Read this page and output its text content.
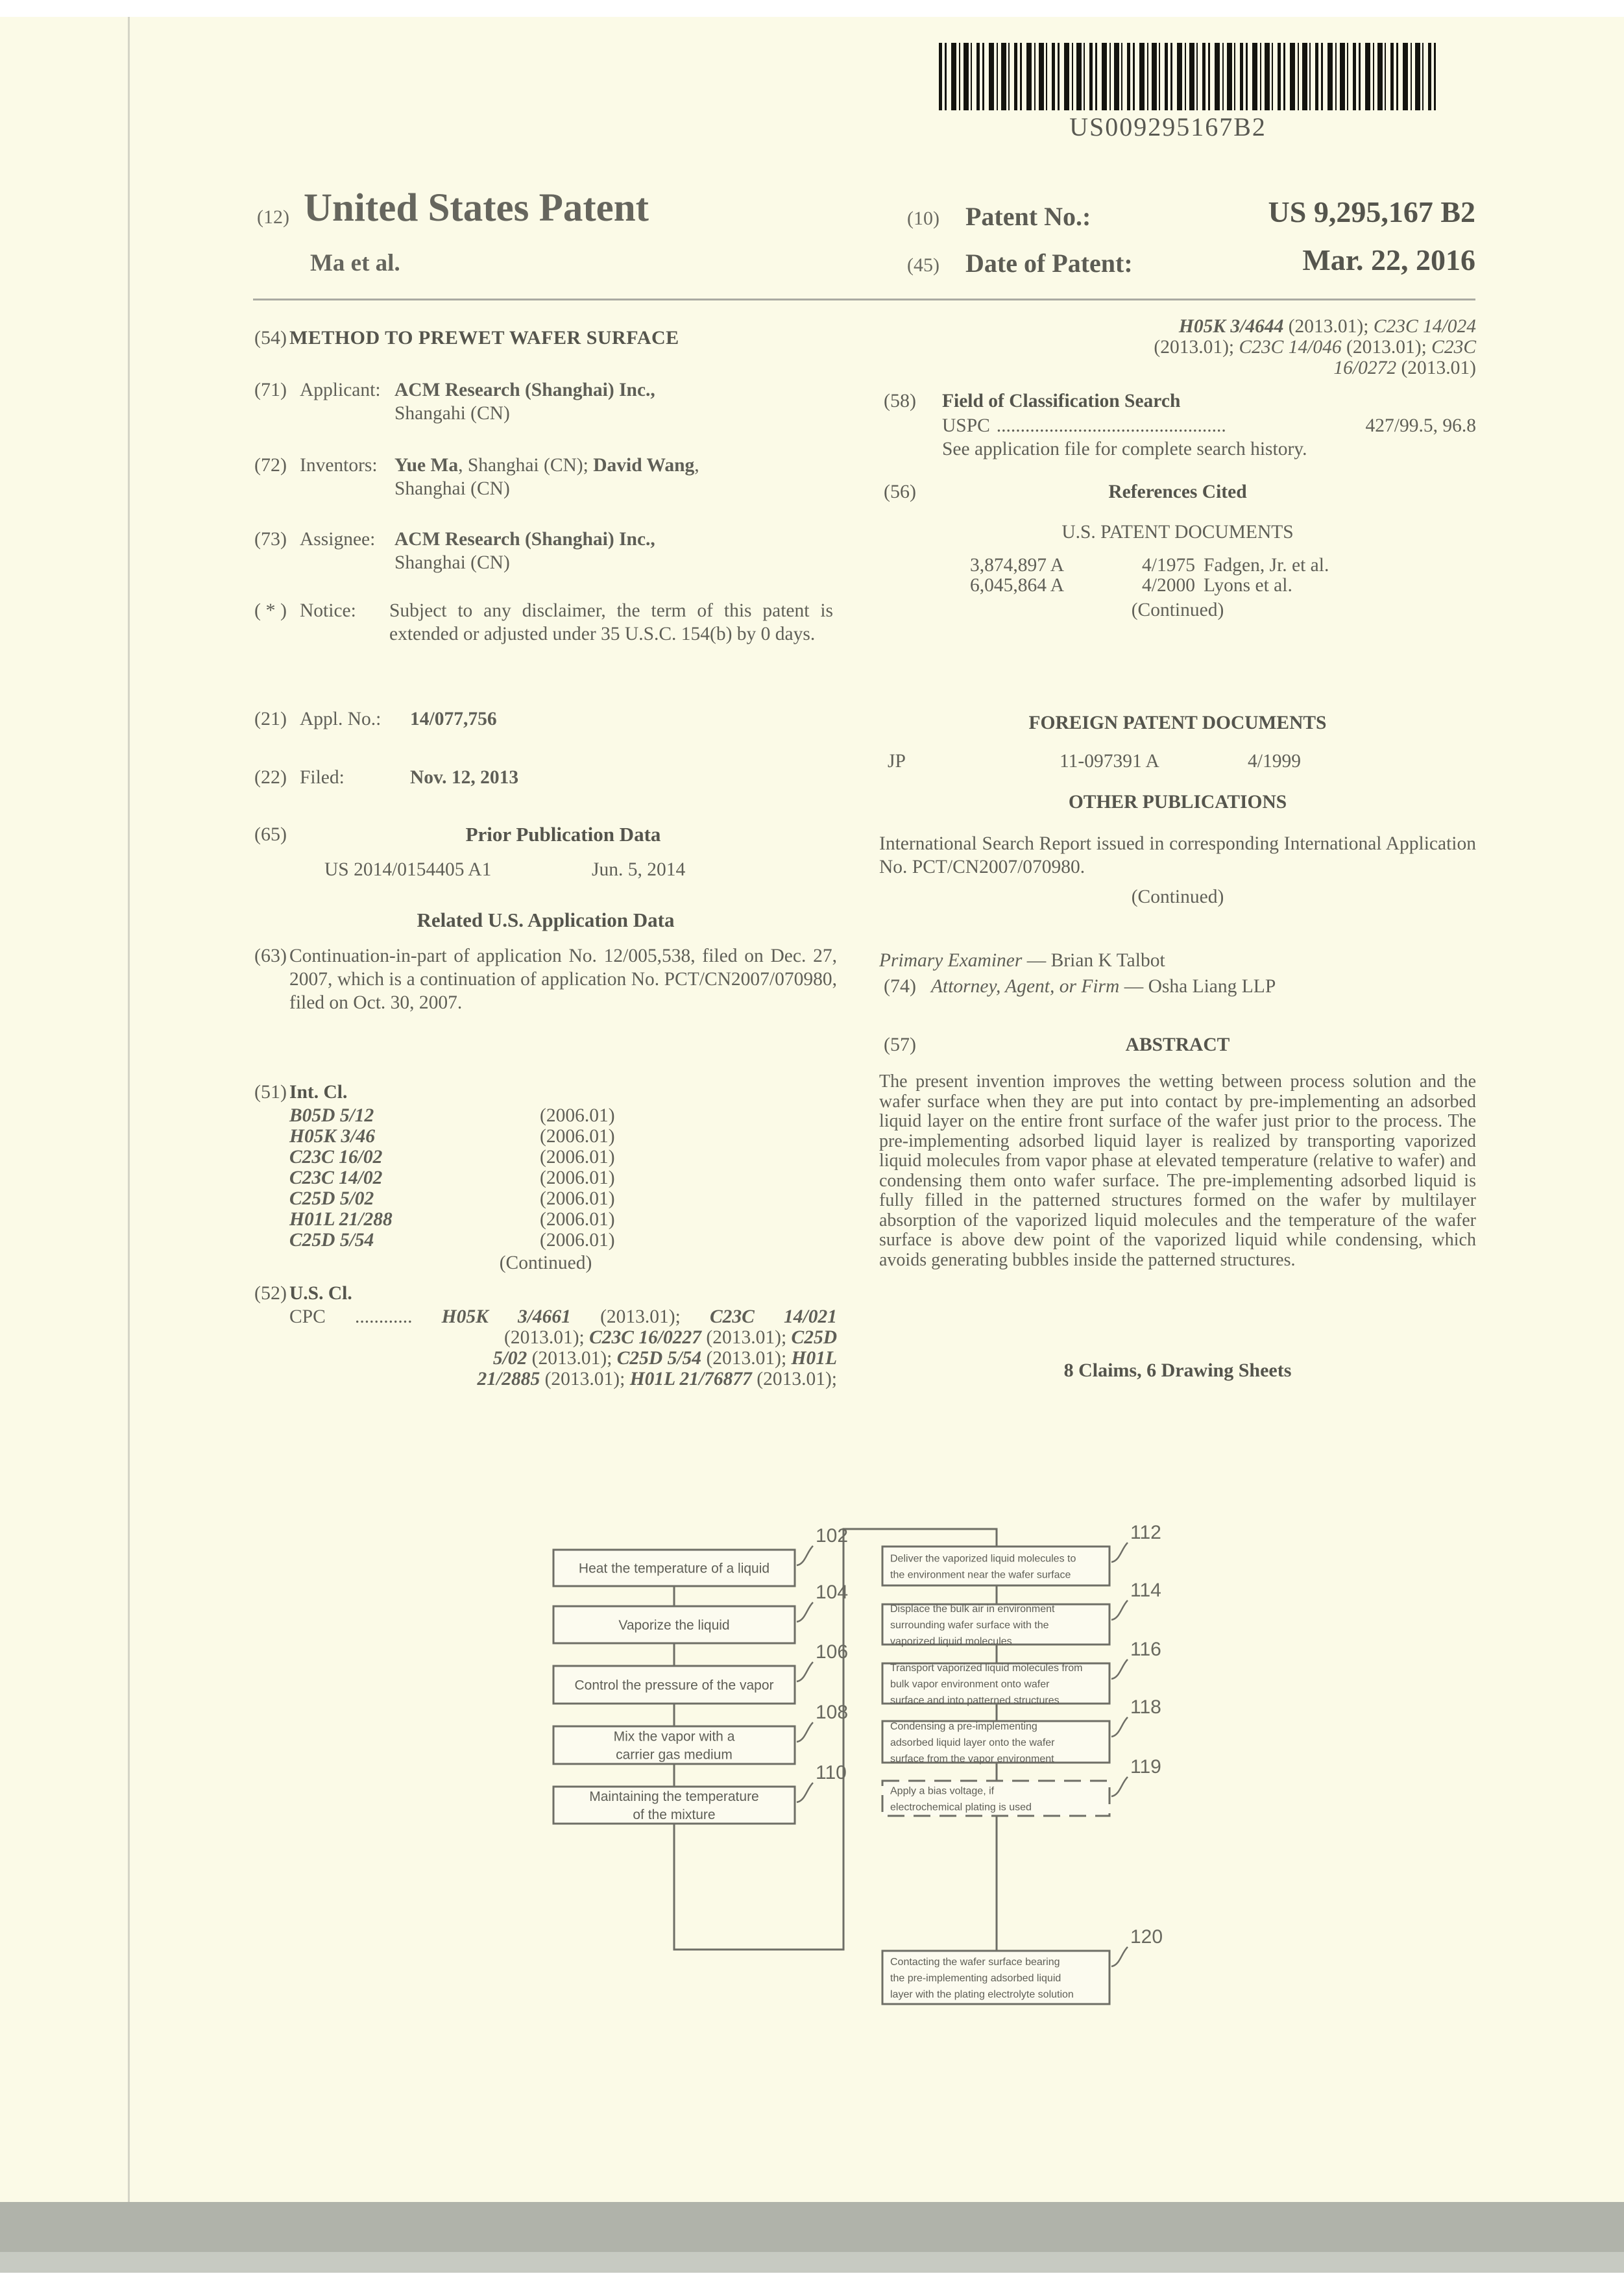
US009295167B2
(12) United States Patent
Ma et al.
(10) Patent No.:	US 9,295,167 B2
(45) Date of Patent:	Mar. 22, 2016
(54) METHOD TO PREWET WAFER SURFACE
(71) Applicant: ACM Research (Shanghai) Inc.,
Shangahi (CN)
(72) Inventors: Yue Ma, Shanghai (CN); David Wang,
Shanghai (CN)
(73) Assignee: ACM Research (Shanghai) Inc.,
Shanghai (CN)
( * ) Notice: Subject to any disclaimer, the term of this patent is extended or adjusted under 35 U.S.C. 154(b) by 0 days.
(21) Appl. No.: 14/077,756
(22) Filed:	Nov. 12, 2013
(65)	Prior Publication Data
US 2014/0154405 A1	Jun. 5, 2014
Related U.S. Application Data
(63) Continuation-in-part of application No. 12/005,538, filed on Dec. 27, 2007, which is a continuation of application No. PCT/CN2007/070980, filed on Oct. 30, 2007.
(51) Int. Cl.
B05D 5/12	(2006.01)
H05K 3/46	(2006.01)
C23C 16/02	(2006.01)
C23C 14/02	(2006.01)
C25D 5/02	(2006.01)
H01L 21/288	(2006.01)
C25D 5/54	(2006.01)
(Continued)
(52) U.S. Cl.
CPC ............ H05K 3/4661 (2013.01); C23C 14/021
(2013.01); C23C 16/0227 (2013.01); C25D
5/02 (2013.01); C25D 5/54 (2013.01); H01L
21/2885 (2013.01); H01L 21/76877 (2013.01);
H05K 3/4644 (2013.01); C23C 14/024
(2013.01); C23C 14/046 (2013.01); C23C
16/0272 (2013.01)
(58) Field of Classification Search
USPC ................................................	427/99.5, 96.8
See application file for complete search history.
(56)	References Cited
U.S. PATENT DOCUMENTS
3,874,897 A	4/1975 Fadgen, Jr. et al.
6,045,864 A	4/2000 Lyons et al.
(Continued)
FOREIGN PATENT DOCUMENTS
JP	11-097391 A	4/1999
OTHER PUBLICATIONS
International Search Report issued in corresponding International Application No. PCT/CN2007/070980.
(Continued)
Primary Examiner — Brian K Talbot
(74) Attorney, Agent, or Firm — Osha Liang LLP
(57)	ABSTRACT
The present invention improves the wetting between process solution and the wafer surface when they are put into contact by pre-implementing an adsorbed liquid layer on the entire front surface of the wafer just prior to the process. The pre-implementing adsorbed liquid layer is realized by transporting vaporized liquid molecules from vapor phase at elevated temperature (relative to wafer) and condensing them onto wafer surface. The pre-implementing adsorbed liquid is fully filled in the patterned structures formed on the wafer by multilayer absorption of the vaporized liquid molecules and the temperature of the wafer surface is above dew point of the vaporized liquid while condensing, which avoids generating bubbles inside the patterned structures.
8 Claims, 6 Drawing Sheets
Heat the temperature of a liquid
102
Vaporize the liquid
104
Control the pressure of the vapor
106
Mix the vapor with a carrier gas medium
108
Maintaining the temperature of the mixture
110
Deliver the vaporized liquid molecules to the environment near the wafer surface
112
Displace the bulk air in environment surrounding wafer surface with the vaporized liquid molecules
114
Transport vaporized liquid molecules from bulk vapor environment onto wafer surface and into patterned structures
116
Condensing a pre-implementing adsorbed liquid layer onto the wafer surface from the vapor environment
118
Apply a bias voltage, if electrochemical plating is used
119
Contacting the wafer surface bearing the pre-implementing adsorbed liquid layer with the plating electrolyte solution
120
